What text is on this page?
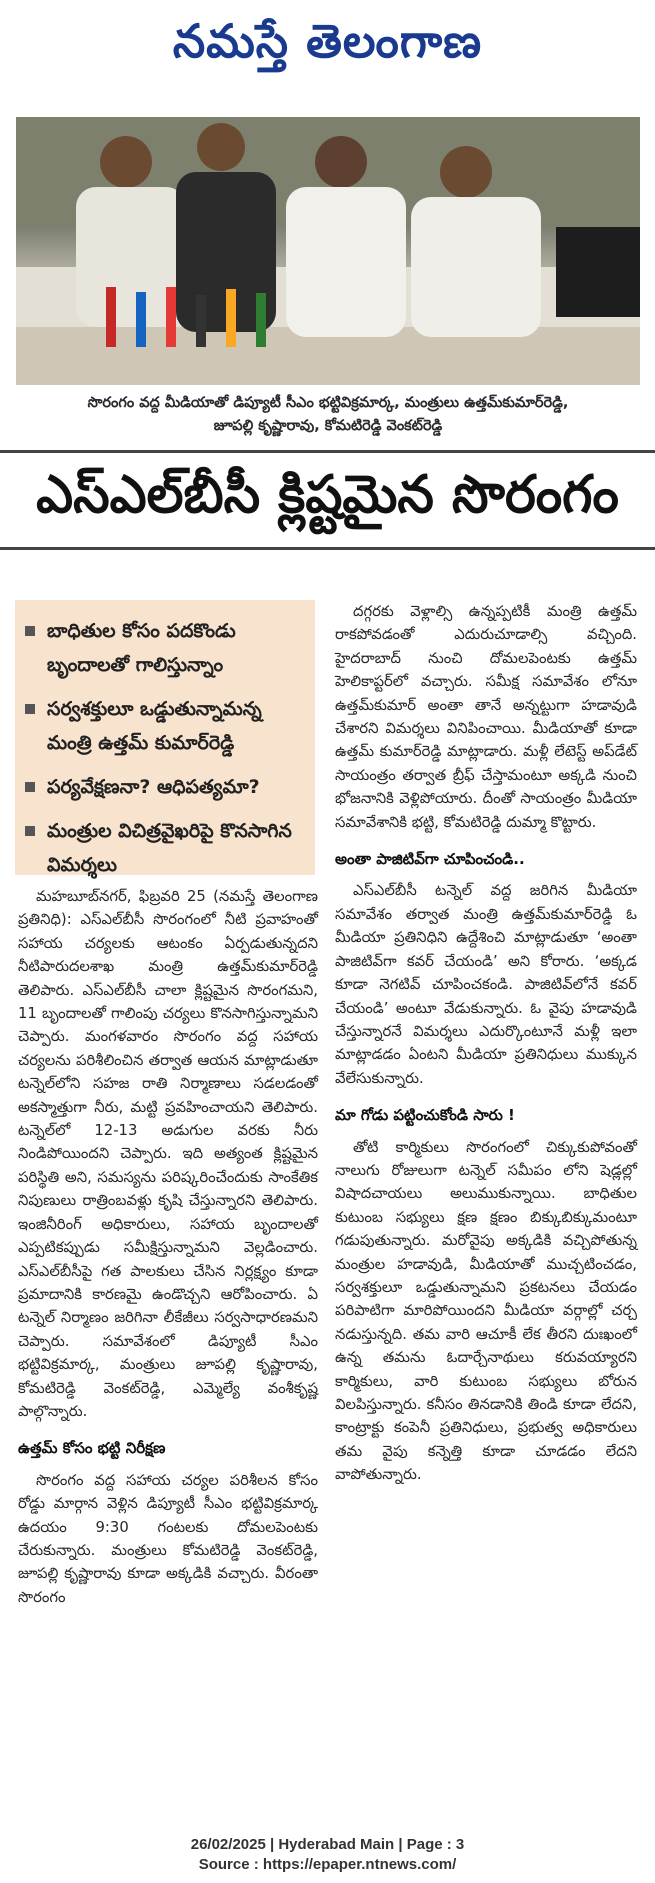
నమస్తే తెలంగాణ
సొరంగం వద్ద మీడియాతో డిప్యూటీ సీఎం భట్టివిక్రమార్క, మంత్రులు ఉత్తమ్‌కుమార్‌రెడ్డి,
జూపల్లి కృష్ణారావు, కోమటిరెడ్డి వెంకట్‌రెడ్డి
ఎస్‌ఎల్‌బీసీ క్లిష్టమైన సొరంగం
బాధితుల కోసం పదకొండు బృందాలతో గాలిస్తున్నాం
సర్వశక్తులూ ఒడ్డుతున్నామన్న మంత్రి ఉత్తమ్ కుమార్‌రెడ్డి
పర్యవేక్షణనా? ఆధిపత్యమా?
మంత్రుల విచిత్రవైఖరిపై కొనసాగిన విమర్శలు

మహబూబ్‌నగర్, ఫిబ్రవరి 25 (నమస్తే తెలంగాణ ప్రతినిధి): ఎస్‌ఎల్‌బీసీ సొరంగంలో నీటి ప్రవాహంతో సహాయ చర్యలకు ఆటంకం ఏర్పడుతున్నదని నీటిపారుదలశాఖ మంత్రి ఉత్తమ్‌కుమార్‌రెడ్డి తెలిపారు. ఎస్‌ఎల్‌బీసీ చాలా క్లిష్టమైన సొరంగమని, 11 బృందాలతో గాలింపు చర్యలు కొనసాగిస్తున్నామని చెప్పారు. మంగళవారం సొరంగం వద్ద సహాయ చర్యలను పరిశీలించిన తర్వాత ఆయన మాట్లాడుతూ టన్నెల్‌లోని సహజ రాతి నిర్మాణాలు సడలడంతో అకస్మాత్తుగా నీరు, మట్టి ప్రవహించాయని తెలిపారు. టన్నెల్‌లో 12-13 అడుగుల వరకు నీరు నిండిపోయిందని చెప్పారు. ఇది అత్యంత క్లిష్టమైన పరిస్థితి అని, సమస్యను పరిష్కరించేందుకు సాంకేతిక నిపుణులు రాత్రింబవళ్లు కృషి చేస్తున్నారని తెలిపారు. ఇంజినీరింగ్ అధికారులు, సహాయ బృందాలతో ఎప్పటికప్పుడు సమీక్షిస్తున్నామని వెల్లడించారు. ఎస్‌ఎల్‌బీసీపై గత పాలకులు చేసిన నిర్లక్ష్యం కూడా ప్రమాదానికి కారణమై ఉండొచ్చని ఆరోపించారు. ఏ టన్నెల్ నిర్మాణం జరిగినా లీకేజీలు సర్వసాధారణమని చెప్పారు. సమావేశంలో డిప్యూటీ సీఎం భట్టివిక్రమార్క, మంత్రులు జూపల్లి కృష్ణారావు, కోమటిరెడ్డి వెంకట్‌రెడ్డి, ఎమ్మెల్యే వంశీకృష్ణ పాల్గొన్నారు.

ఉత్తమ్ కోసం భట్టి నిరీక్షణ

సొరంగం వద్ద సహాయ చర్యల పరిశీలన కోసం రోడ్డు మార్గాన వెళ్లిన డిప్యూటీ సీఎం భట్టివిక్రమార్క ఉదయం 9:30 గంటలకు దోమలపెంటకు చేరుకున్నారు. మంత్రులు కోమటిరెడ్డి వెంకట్‌రెడ్డి, జూపల్లి కృష్ణారావు కూడా అక్కడికి వచ్చారు. వీరంతా సొరంగం

దగ్గరకు వెళ్లాల్సి ఉన్నప్పటికీ మంత్రి ఉత్తమ్ రాకపోవడంతో ఎదురుచూడాల్సి వచ్చింది. హైదరాబాద్ నుంచి దోమలపెంటకు ఉత్తమ్ హెలికాప్టర్‌లో వచ్చారు. సమీక్ష సమావేశం లోనూ ఉత్తమ్‌కుమార్ అంతా తానే అన్నట్టుగా హడావుడి చేశారని విమర్శలు వినిపించాయి. మీడియాతో కూడా ఉత్తమ్ కుమార్‌రెడ్డి మాట్లాడారు. మళ్లీ లేటెస్ట్ అప్‌డేట్ సాయంత్రం తర్వాత బ్రీఫ్ చేస్తామంటూ అక్కడి నుంచి భోజనానికి వెళ్లిపోయారు. దీంతో సాయంత్రం మీడియా సమావేశానికి భట్టి, కోమటిరెడ్డి దుమ్మా కొట్టారు.

అంతా పాజిటివ్‌గా చూపించండి..

ఎస్‌ఎల్‌బీసీ టన్నెల్ వద్ద జరిగిన మీడియా సమావేశం తర్వాత మంత్రి ఉత్తమ్‌కుమార్‌రెడ్డి ఓ మీడియా ప్రతినిధిని ఉద్దేశించి మాట్లాడుతూ ‘అంతా పాజిటివ్‌గా కవర్ చేయండి’ అని కోరారు. ‘అక్కడ కూడా నెగటివ్ చూపించకండి. పాజిటివ్‌లోనే కవర్ చేయండి’ అంటూ వేడుకున్నారు. ఓ వైపు హడావుడి చేస్తున్నారనే విమర్శలు ఎదుర్కొంటూనే మళ్లీ ఇలా మాట్లాడడం ఏంటని మీడియా ప్రతినిధులు ముక్కున వేలేసుకున్నారు.

మా గోడు పట్టించుకోండి సారు !

తోటి కార్మికులు సొరంగంలో చిక్కుకుపోవంతో నాలుగు రోజులుగా టన్నెల్ సమీపం లోని షెడ్లల్లో విషాదచాయలు అలుముకున్నాయి. బాధితుల కుటుంబ సభ్యులు క్షణ క్షణం బిక్కుబిక్కుమంటూ గడుపుతున్నారు. మరోవైపు అక్కడికి వచ్చిపోతున్న మంత్రుల హడావుడి, మీడియాతో ముచ్చటించడం, సర్వశక్తులూ ఒడ్డుతున్నామని ప్రకటనలు చేయడం పరిపాటిగా మారిపోయిందని మీడియా వర్గాల్లో చర్చ నడుస్తున్నది. తమ వారి ఆచూకీ లేక తీరని దుఃఖంలో ఉన్న తమను ఓదార్చేనాథులు కరువయ్యారని కార్మికులు, వారి కుటుంబ సభ్యులు బోరున విలపిస్తున్నారు. కనీసం తినడానికి తిండి కూడా లేదని, కాంట్రాక్టు కంపెనీ ప్రతినిధులు, ప్రభుత్వ అధికారులు తమ వైపు కన్నెత్తి కూడా చూడడం లేదని వాపోతున్నారు.

26/02/2025 | Hyderabad Main | Page : 3
Source : https://epaper.ntnews.com/
